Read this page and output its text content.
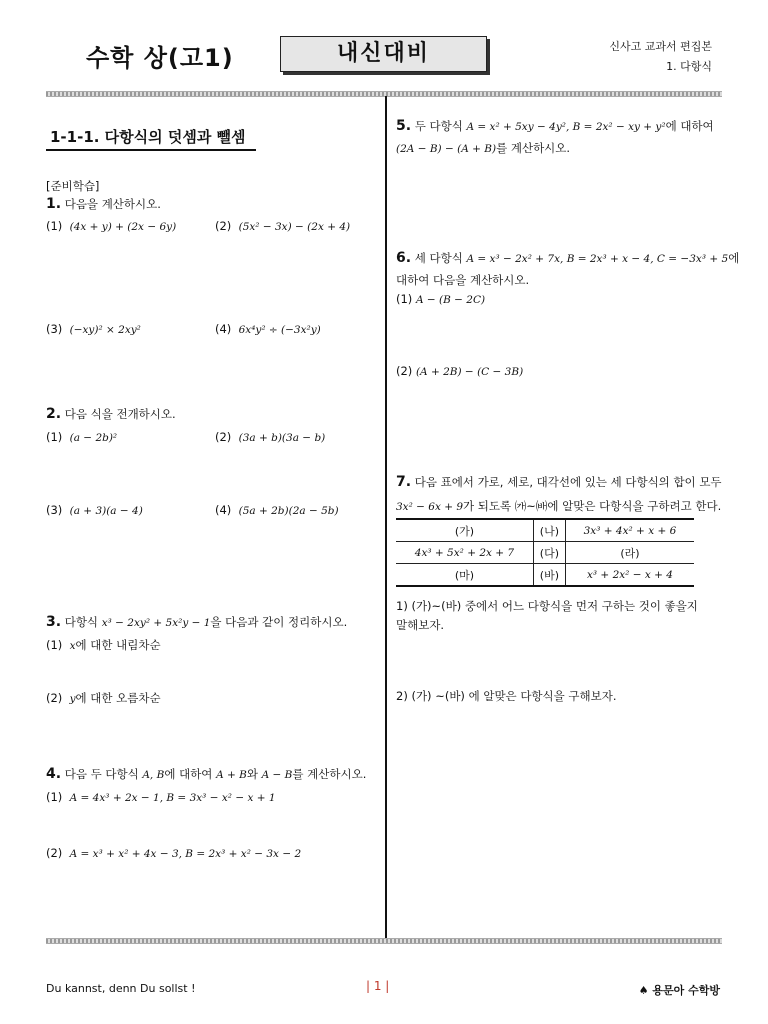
수학 상(고1)	내신대비	신사고 교과서 편집본
1. 다항식
1-1-1. 다항식의 덧셈과 뺄셈
[준비학습]
1. 다음을 계산하시오.
(1) (4x + y) + (2x − 6y)	(2) (5x² − 3x) − (2x + 4)
(3) (−xy)² × 2xy²	(4) 6x⁴y² ÷ (−3x²y)
2. 다음 식을 전개하시오.
(1) (a − 2b)²	(2) (3a + b)(3a − b)
(3) (a + 3)(a − 4)	(4) (5a + 2b)(2a − 5b)
3. 다항식 x³ − 2xy² + 5x²y − 1을 다음과 같이 정리하시오.
(1) x에 대한 내림차순
(2) y에 대한 오름차순
4. 다음 두 다항식 A, B에 대하여 A + B와 A − B를 계산하시오.
(1) A = 4x³ + 2x − 1, B = 3x³ − x² − x + 1
(2) A = x³ + x² + 4x − 3, B = 2x³ + x² − 3x − 2
5. 두 다항식 A = x² + 5xy − 4y², B = 2x² − xy + y²에 대하여
(2A − B) − (A + B)를 계산하시오.
6. 세 다항식 A = x³ − 2x² + 7x, B = 2x³ + x − 4, C = −3x³ + 5에
대하여 다음을 계산하시오.
(1) A − (B − 2C)
(2) (A + 2B) − (C − 3B)
7. 다음 표에서 가로, 세로, 대각선에 있는 세 다항식의 합이 모두
3x² − 6x + 9가 되도록 ㈎~㈓에 알맞은 다항식을 구하려고 한다.
(가)	(나)	3x³ + 4x² + x + 6
4x³ + 5x² + 2x + 7	(다)	(라)
(마)	(바)	x³ + 2x² − x + 4
1) (가)~(바) 중에서 어느 다항식을 먼저 구하는 것이 좋을지
말해보자.
2) (가) ~(바) 에 알맞은 다항식을 구해보자.
Du kannst, denn Du sollst !	| 1 |	♠ 용문아 수학방
